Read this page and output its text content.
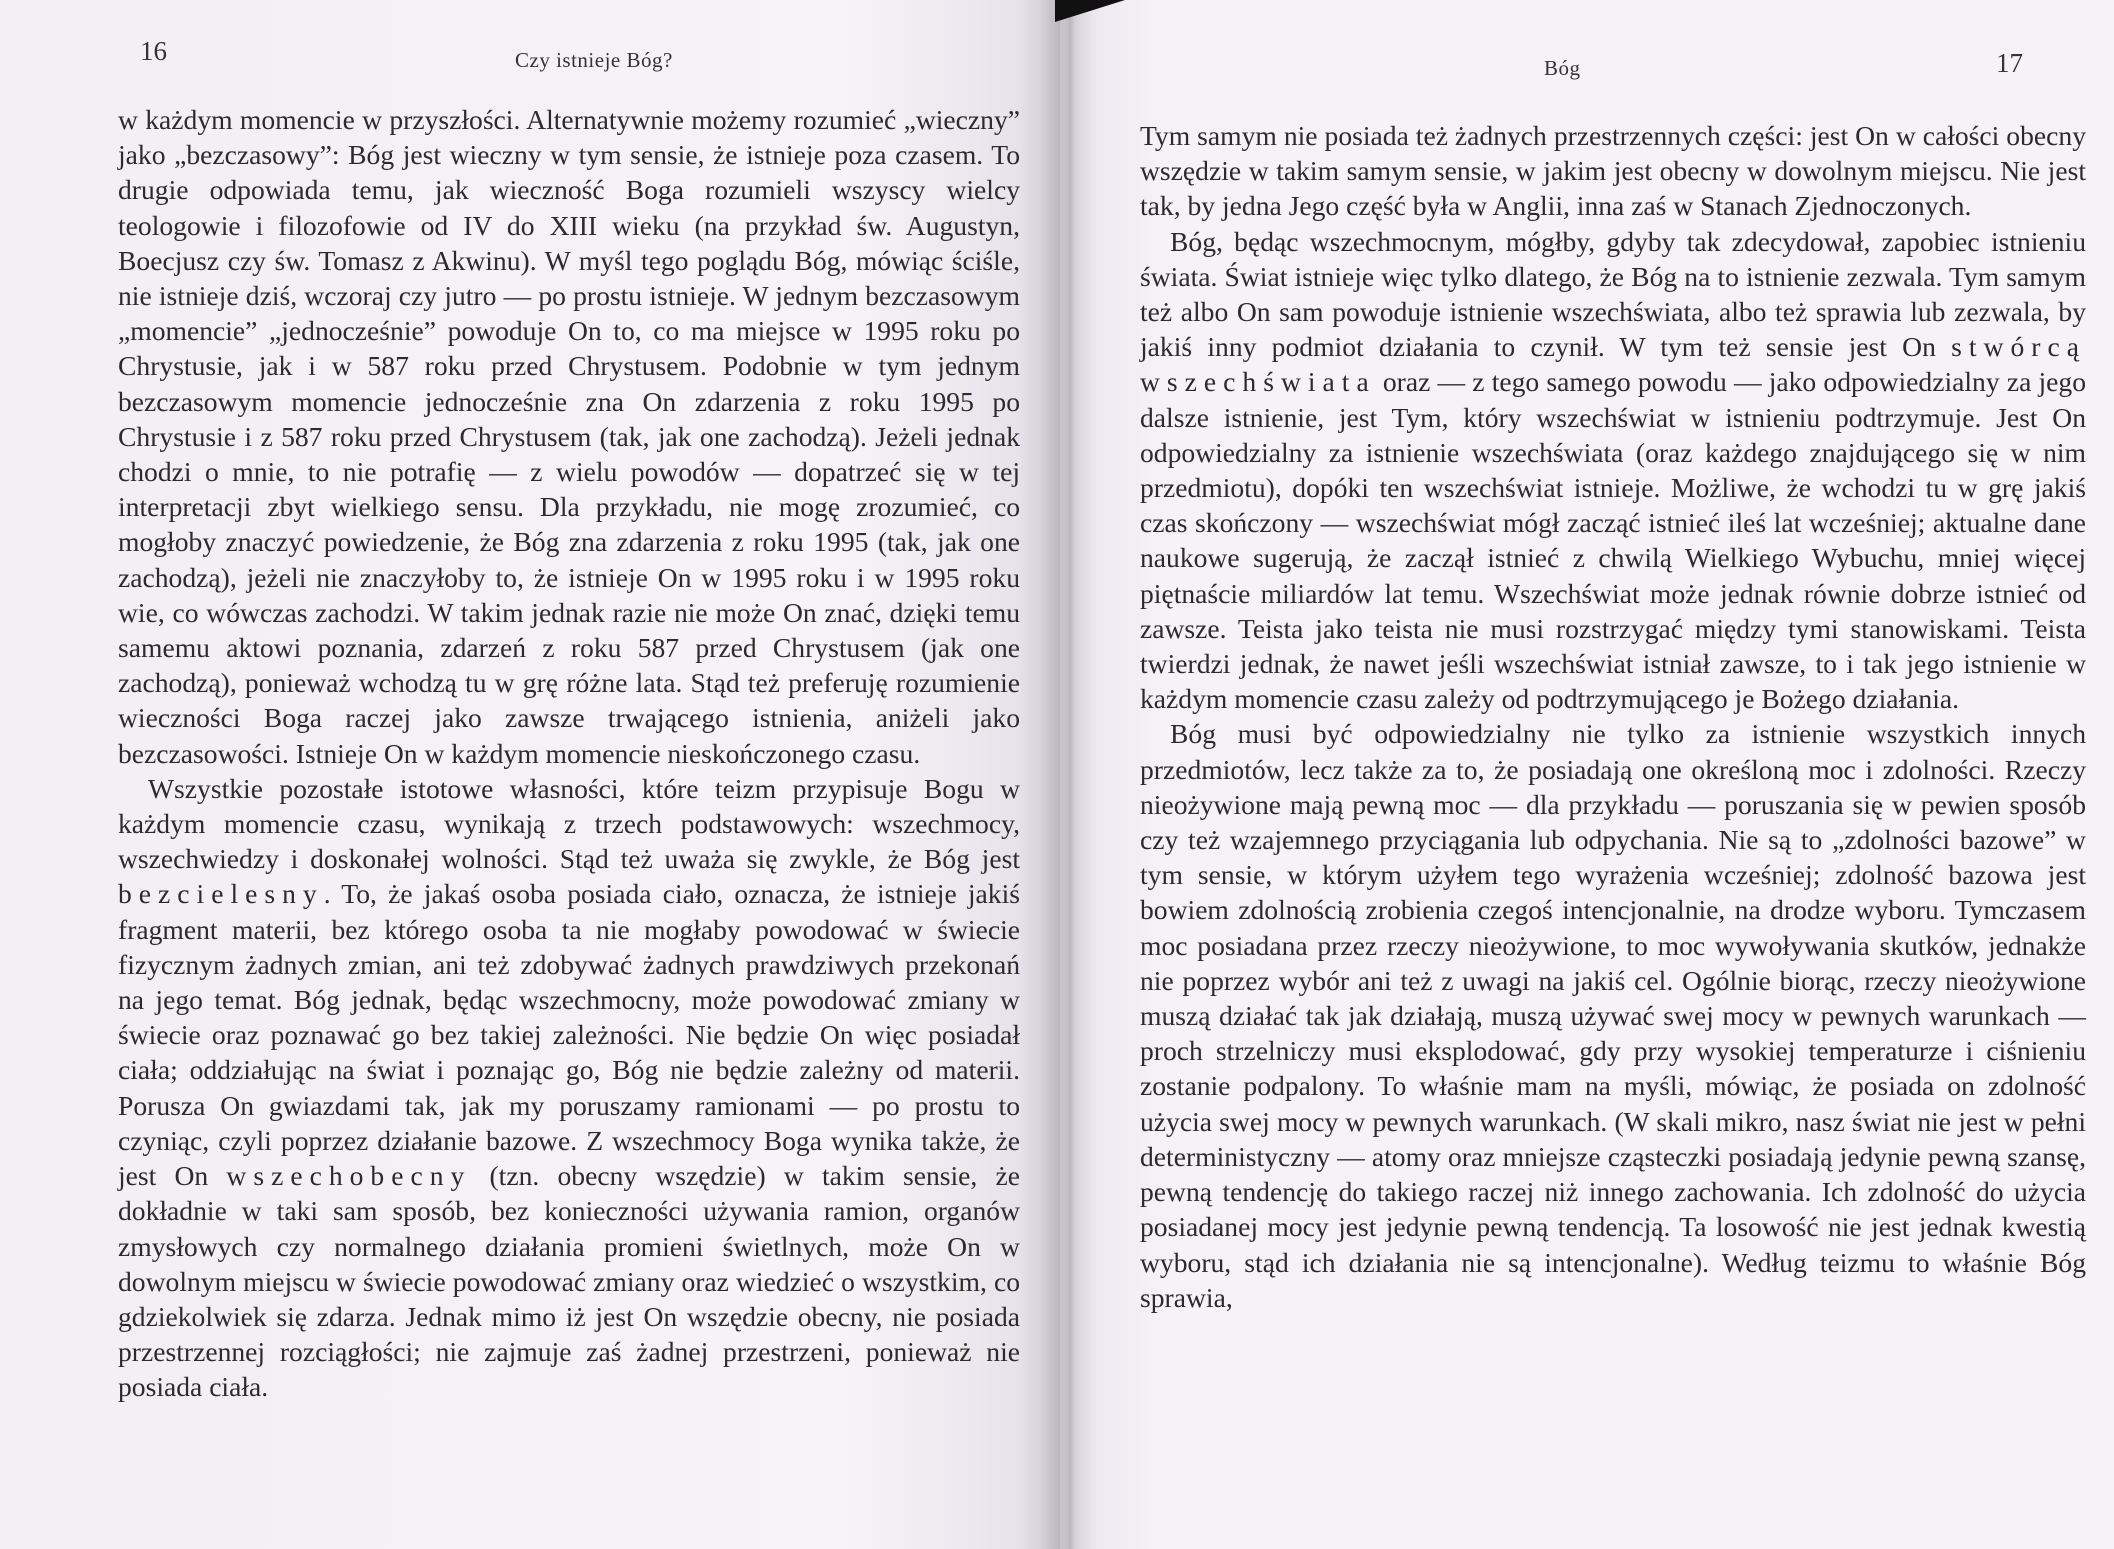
16	Czy istnieje Bóg?

w każdym momencie w przyszłości. Alternatywnie możemy rozumieć „wieczny” jako „bezczasowy”: Bóg jest wieczny w tym sensie, że istnieje poza czasem. To drugie odpowiada temu, jak wieczność Boga rozumieli wszyscy wielcy teologowie i filozofowie od IV do XIII wieku (na przykład św. Augustyn, Boecjusz czy św. Tomasz z Akwinu). W myśl tego poglądu Bóg, mówiąc ściśle, nie istnieje dziś, wczoraj czy jutro — po prostu istnieje. W jednym bezczasowym „momencie” „jednocześnie” powoduje On to, co ma miejsce w 1995 roku po Chrystusie, jak i w 587 roku przed Chrystusem. Podobnie w tym jednym bezczasowym momencie jednocześnie zna On zdarzenia z roku 1995 po Chrystusie i z 587 roku przed Chrystusem (tak, jak one zachodzą). Jeżeli jednak chodzi o mnie, to nie potrafię — z wielu powodów — dopatrzeć się w tej interpretacji zbyt wielkiego sensu. Dla przykładu, nie mogę zrozumieć, co mogłoby znaczyć powiedzenie, że Bóg zna zdarzenia z roku 1995 (tak, jak one zachodzą), jeżeli nie znaczyłoby to, że istnieje On w 1995 roku i w 1995 roku wie, co wówczas zachodzi. W takim jednak razie nie może On znać, dzięki temu samemu aktowi poznania, zdarzeń z roku 587 przed Chrystusem (jak one zachodzą), ponieważ wchodzą tu w grę różne lata. Stąd też preferuję rozumienie wieczności Boga raczej jako zawsze trwającego istnienia, aniżeli jako bezczasowości. Istnieje On w każdym momencie nieskończonego czasu.

Wszystkie pozostałe istotowe własności, które teizm przypisuje Bogu w każdym momencie czasu, wynikają z trzech podstawowych: wszechmocy, wszechwiedzy i doskonałej wolności. Stąd też uważa się zwykle, że Bóg jest bezcielesny. To, że jakaś osoba posiada ciało, oznacza, że istnieje jakiś fragment materii, bez którego osoba ta nie mogłaby powodować w świecie fizycznym żadnych zmian, ani też zdobywać żadnych prawdziwych przekonań na jego temat. Bóg jednak, będąc wszechmocny, może powodować zmiany w świecie oraz poznawać go bez takiej zależności. Nie będzie On więc posiadał ciała; oddziałując na świat i poznając go, Bóg nie będzie zależny od materii. Porusza On gwiazdami tak, jak my poruszamy ramionami — po prostu to czyniąc, czyli poprzez działanie bazowe. Z wszechmocy Boga wynika także, że jest On wszechobecny (tzn. obecny wszędzie) w takim sensie, że dokładnie w taki sam sposób, bez konieczności używania ramion, organów zmysłowych czy normalnego działania promieni świetlnych, może On w dowolnym miejscu w świecie powodować zmiany oraz wiedzieć o wszystkim, co gdziekolwiek się zdarza. Jednak mimo iż jest On wszędzie obecny, nie posiada przestrzennej rozciągłości; nie zajmuje zaś żadnej przestrzeni, ponieważ nie posiada ciała.

Bóg	17

Tym samym nie posiada też żadnych przestrzennych części: jest On w całości obecny wszędzie w takim samym sensie, w jakim jest obecny w dowolnym miejscu. Nie jest tak, by jedna Jego część była w Anglii, inna zaś w Stanach Zjednoczonych.

Bóg, będąc wszechmocnym, mógłby, gdyby tak zdecydował, zapobiec istnieniu świata. Świat istnieje więc tylko dlatego, że Bóg na to istnienie zezwala. Tym samym też albo On sam powoduje istnienie wszechświata, albo też sprawia lub zezwala, by jakiś inny podmiot działania to czynił. W tym też sensie jest On stwórcą wszechświata oraz — z tego samego powodu — jako odpowiedzialny za jego dalsze istnienie, jest Tym, który wszechświat w istnieniu podtrzymuje. Jest On odpowiedzialny za istnienie wszechświata (oraz każdego znajdującego się w nim przedmiotu), dopóki ten wszechświat istnieje. Możliwe, że wchodzi tu w grę jakiś czas skończony — wszechświat mógł zacząć istnieć ileś lat wcześniej; aktualne dane naukowe sugerują, że zaczął istnieć z chwilą Wielkiego Wybuchu, mniej więcej piętnaście miliardów lat temu. Wszechświat może jednak równie dobrze istnieć od zawsze. Teista jako teista nie musi rozstrzygać między tymi stanowiskami. Teista twierdzi jednak, że nawet jeśli wszechświat istniał zawsze, to i tak jego istnienie w każdym momencie czasu zależy od podtrzymującego je Bożego działania.

Bóg musi być odpowiedzialny nie tylko za istnienie wszystkich innych przedmiotów, lecz także za to, że posiadają one określoną moc i zdolności. Rzeczy nieożywione mają pewną moc — dla przykładu — poruszania się w pewien sposób czy też wzajemnego przyciągania lub odpychania. Nie są to „zdolności bazowe” w tym sensie, w którym użyłem tego wyrażenia wcześniej; zdolność bazowa jest bowiem zdolnością zrobienia czegoś intencjonalnie, na drodze wyboru. Tymczasem moc posiadana przez rzeczy nieożywione, to moc wywoływania skutków, jednakże nie poprzez wybór ani też z uwagi na jakiś cel. Ogólnie biorąc, rzeczy nieożywione muszą działać tak jak działają, muszą używać swej mocy w pewnych warunkach — proch strzelniczy musi eksplodować, gdy przy wysokiej temperaturze i ciśnieniu zostanie podpalony. To właśnie mam na myśli, mówiąc, że posiada on zdolność użycia swej mocy w pewnych warunkach. (W skali mikro, nasz świat nie jest w pełni deterministyczny — atomy oraz mniejsze cząsteczki posiadają jedynie pewną szansę, pewną tendencję do takiego raczej niż innego zachowania. Ich zdolność do użycia posiadanej mocy jest jedynie pewną tendencją. Ta losowość nie jest jednak kwestią wyboru, stąd ich działania nie są intencjonalne). Według teizmu to właśnie Bóg sprawia,
